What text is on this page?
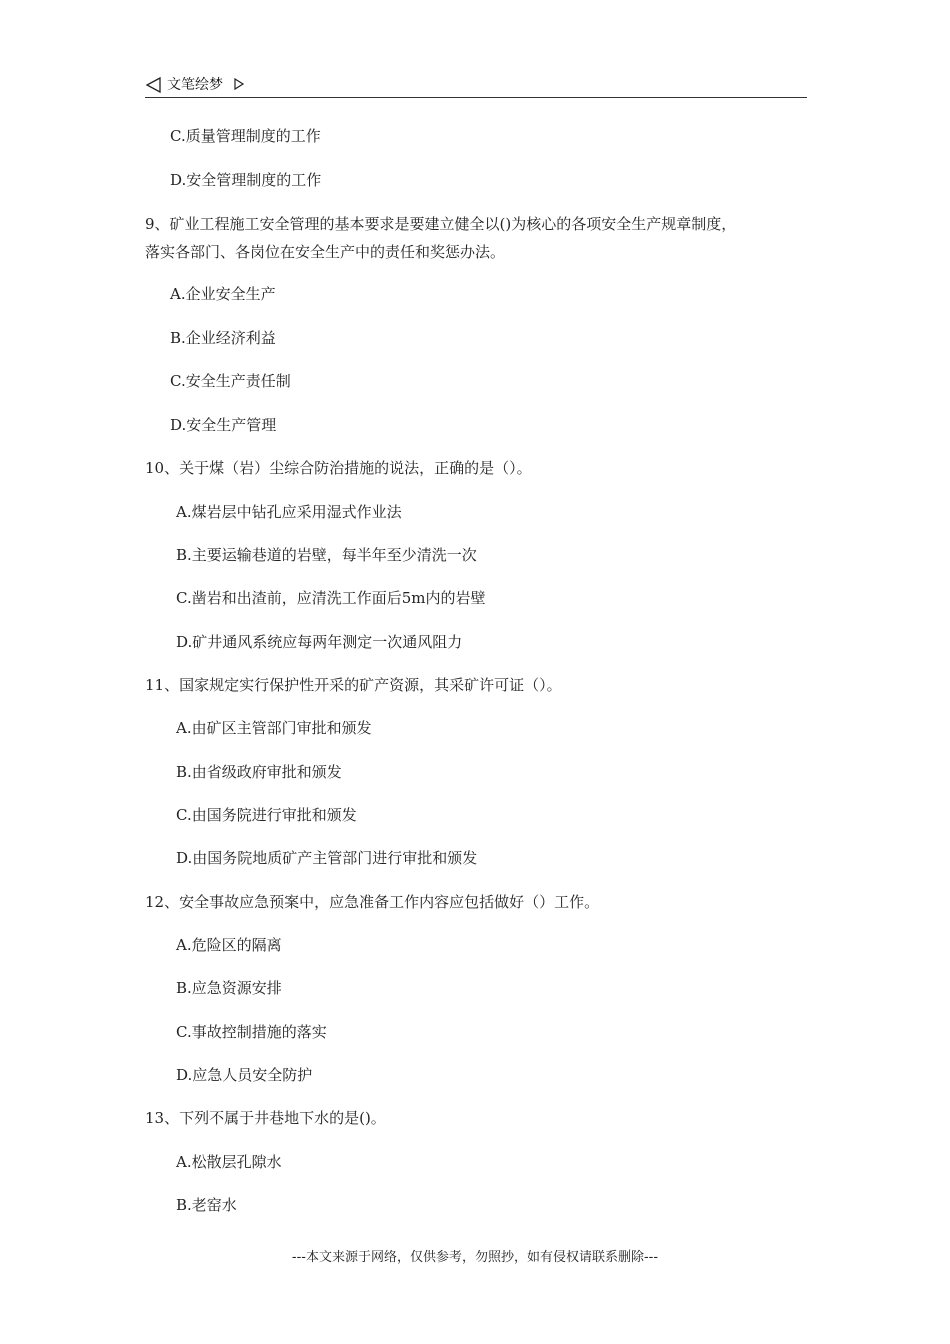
文笔绘梦
C.质量管理制度的工作
D.安全管理制度的工作
9、矿业工程施工安全管理的基本要求是要建立健全以()为核心的各项安全生产规章制度，
落实各部门、各岗位在安全生产中的责任和奖惩办法。
A.企业安全生产
B.企业经济利益
C.安全生产责任制
D.安全生产管理
10、关于煤（岩）尘综合防治措施的说法，正确的是（）。
A.煤岩层中钻孔应采用湿式作业法
B.主要运输巷道的岩壁，每半年至少清洗一次
C.凿岩和出渣前，应清洗工作面后5m内的岩壁
D.矿井通风系统应每两年测定一次通风阻力
11、国家规定实行保护性开采的矿产资源，其采矿许可证（）。
A.由矿区主管部门审批和颁发
B.由省级政府审批和颁发
C.由国务院进行审批和颁发
D.由国务院地质矿产主管部门进行审批和颁发
12、安全事故应急预案中，应急准备工作内容应包括做好（）工作。
A.危险区的隔离
B.应急资源安排
C.事故控制措施的落实
D.应急人员安全防护
13、下列不属于井巷地下水的是()。
A.松散层孔隙水
B.老窑水
---本文来源于网络，仅供参考，勿照抄，如有侵权请联系删除---
